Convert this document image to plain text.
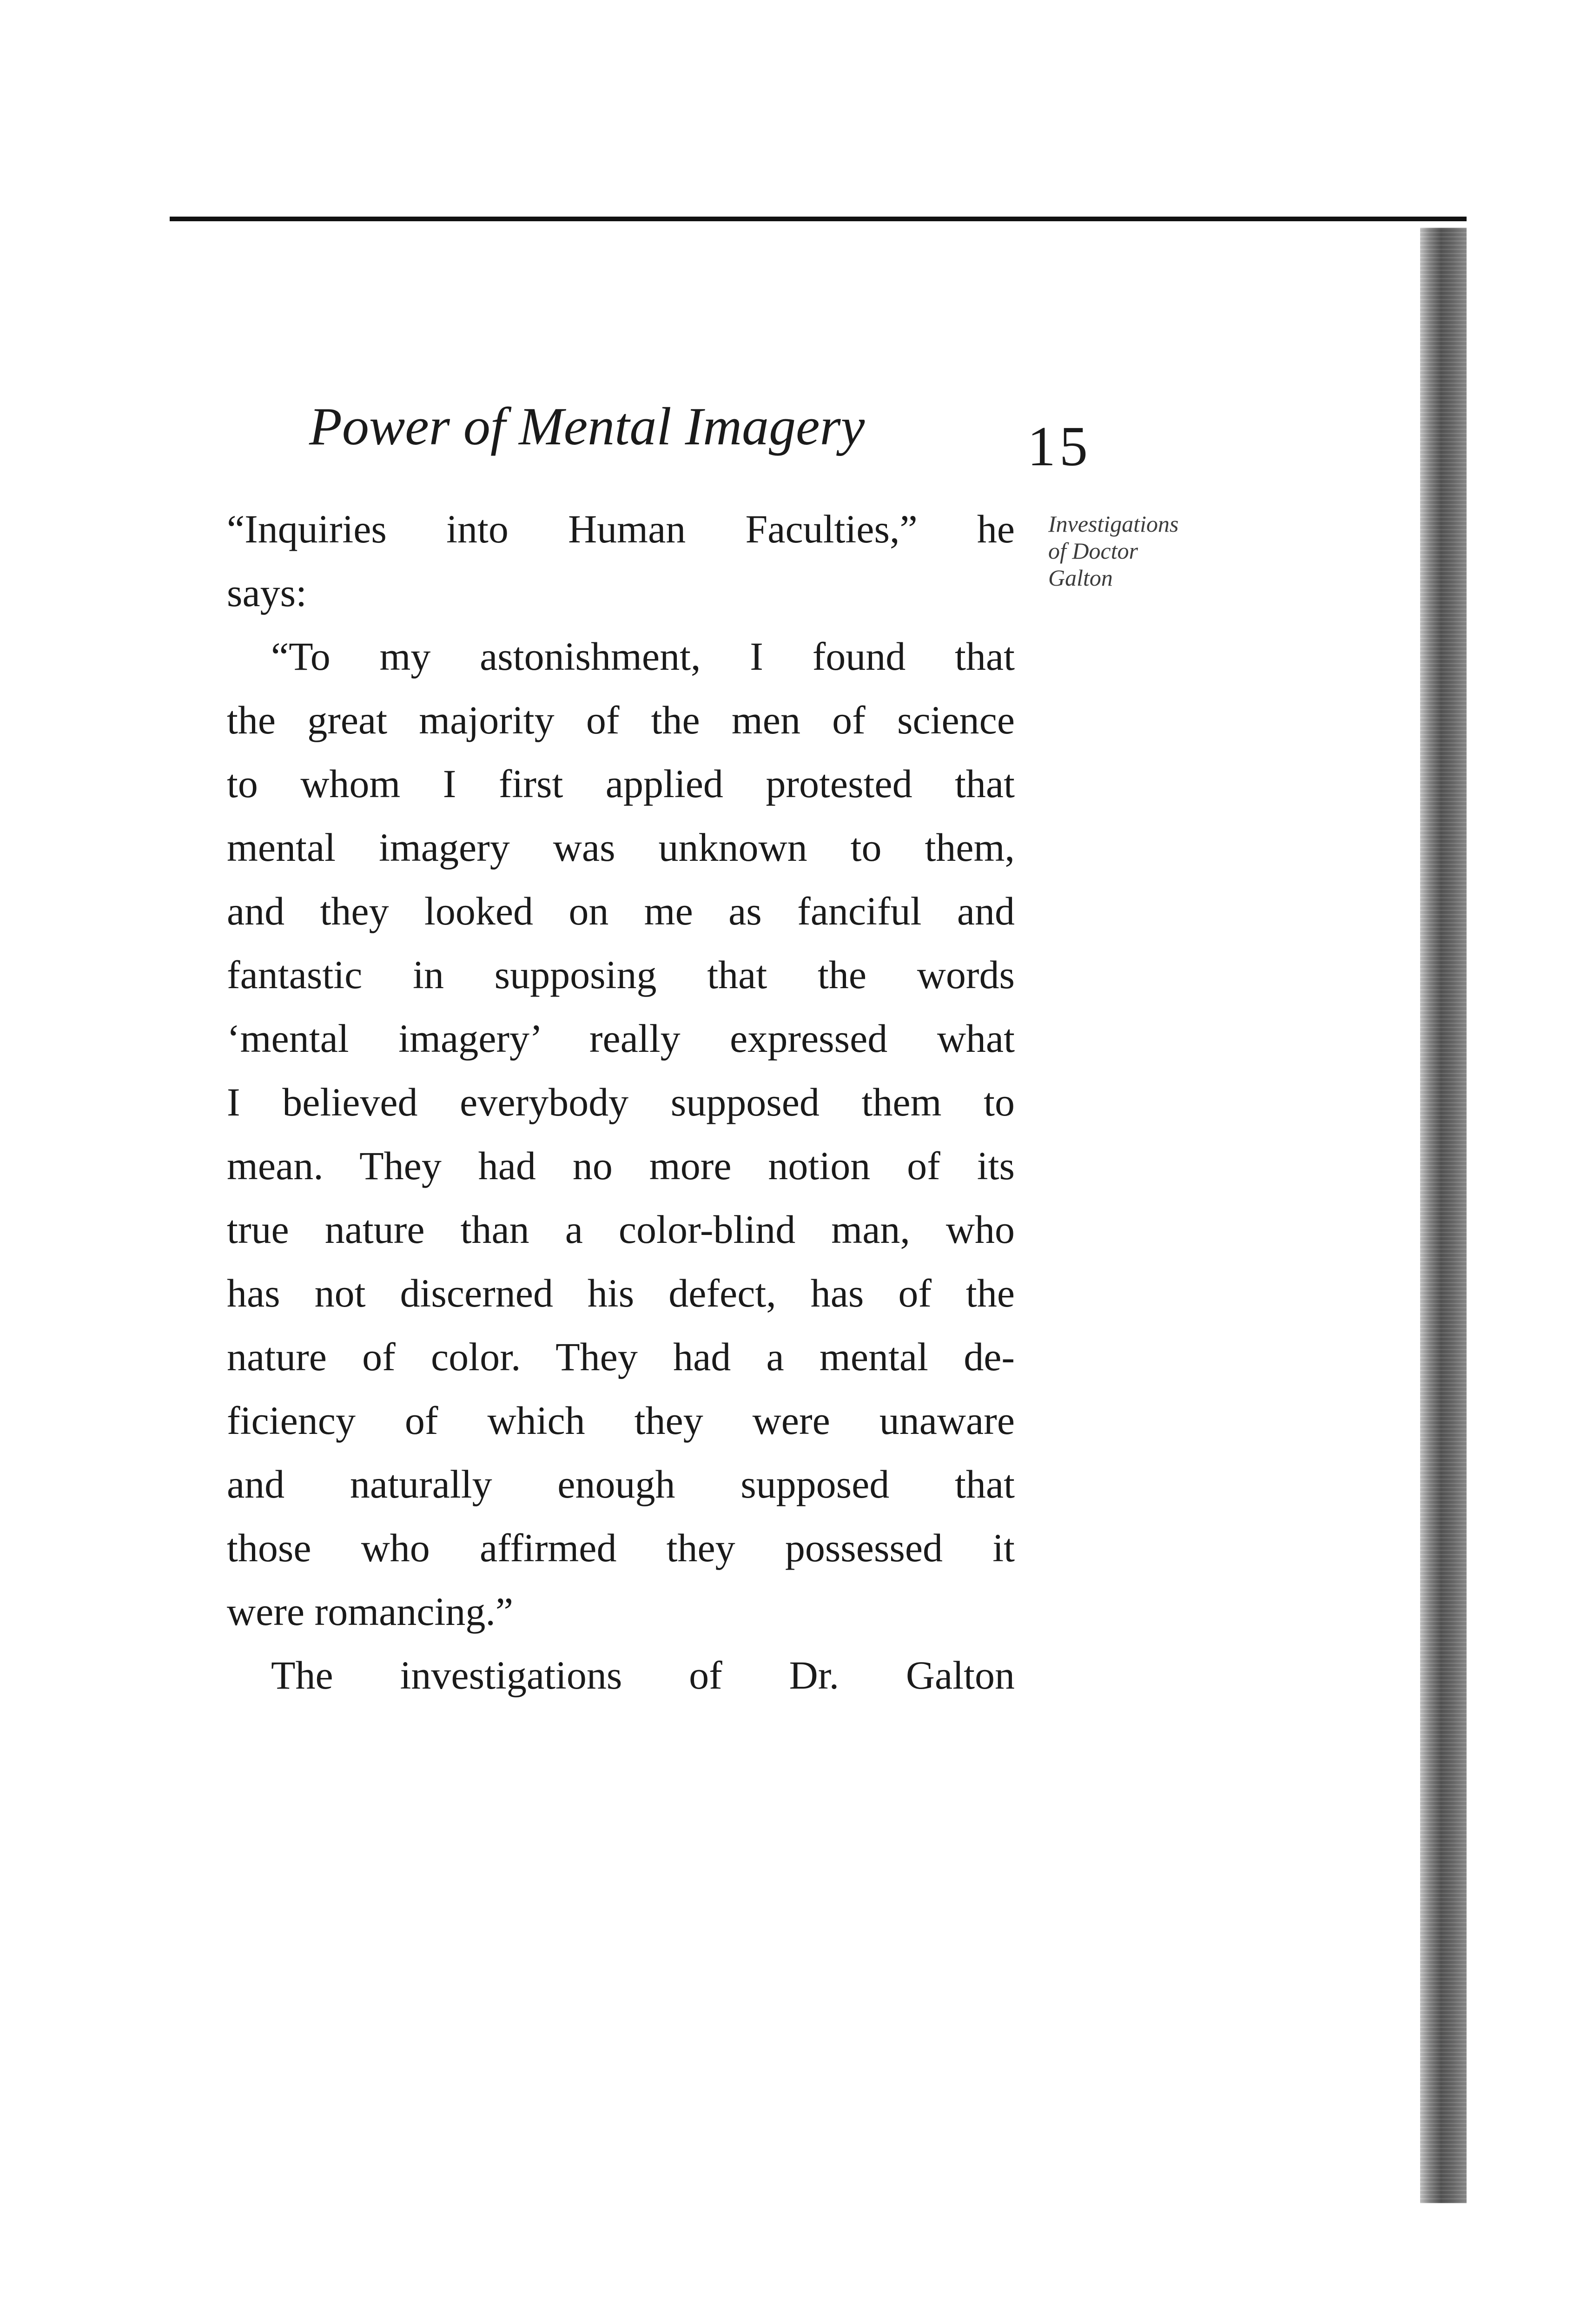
Power of Mental Imagery	15
Investigations
of Doctor
Galton
“Inquiries into Human Faculties,” he
says:
“To my astonishment, I found that
the great majority of the men of science
to whom I first applied protested that
mental imagery was unknown to them,
and they looked on me as fanciful and
fantastic in supposing that the words
‘mental imagery’ really expressed what
I believed everybody supposed them to
mean. They had no more notion of its
true nature than a color-blind man, who
has not discerned his defect, has of the
nature of color. They had a mental de-
ficiency of which they were unaware
and naturally enough supposed that
those who affirmed they possessed it
were romancing.”
The investigations of Dr. Galton
